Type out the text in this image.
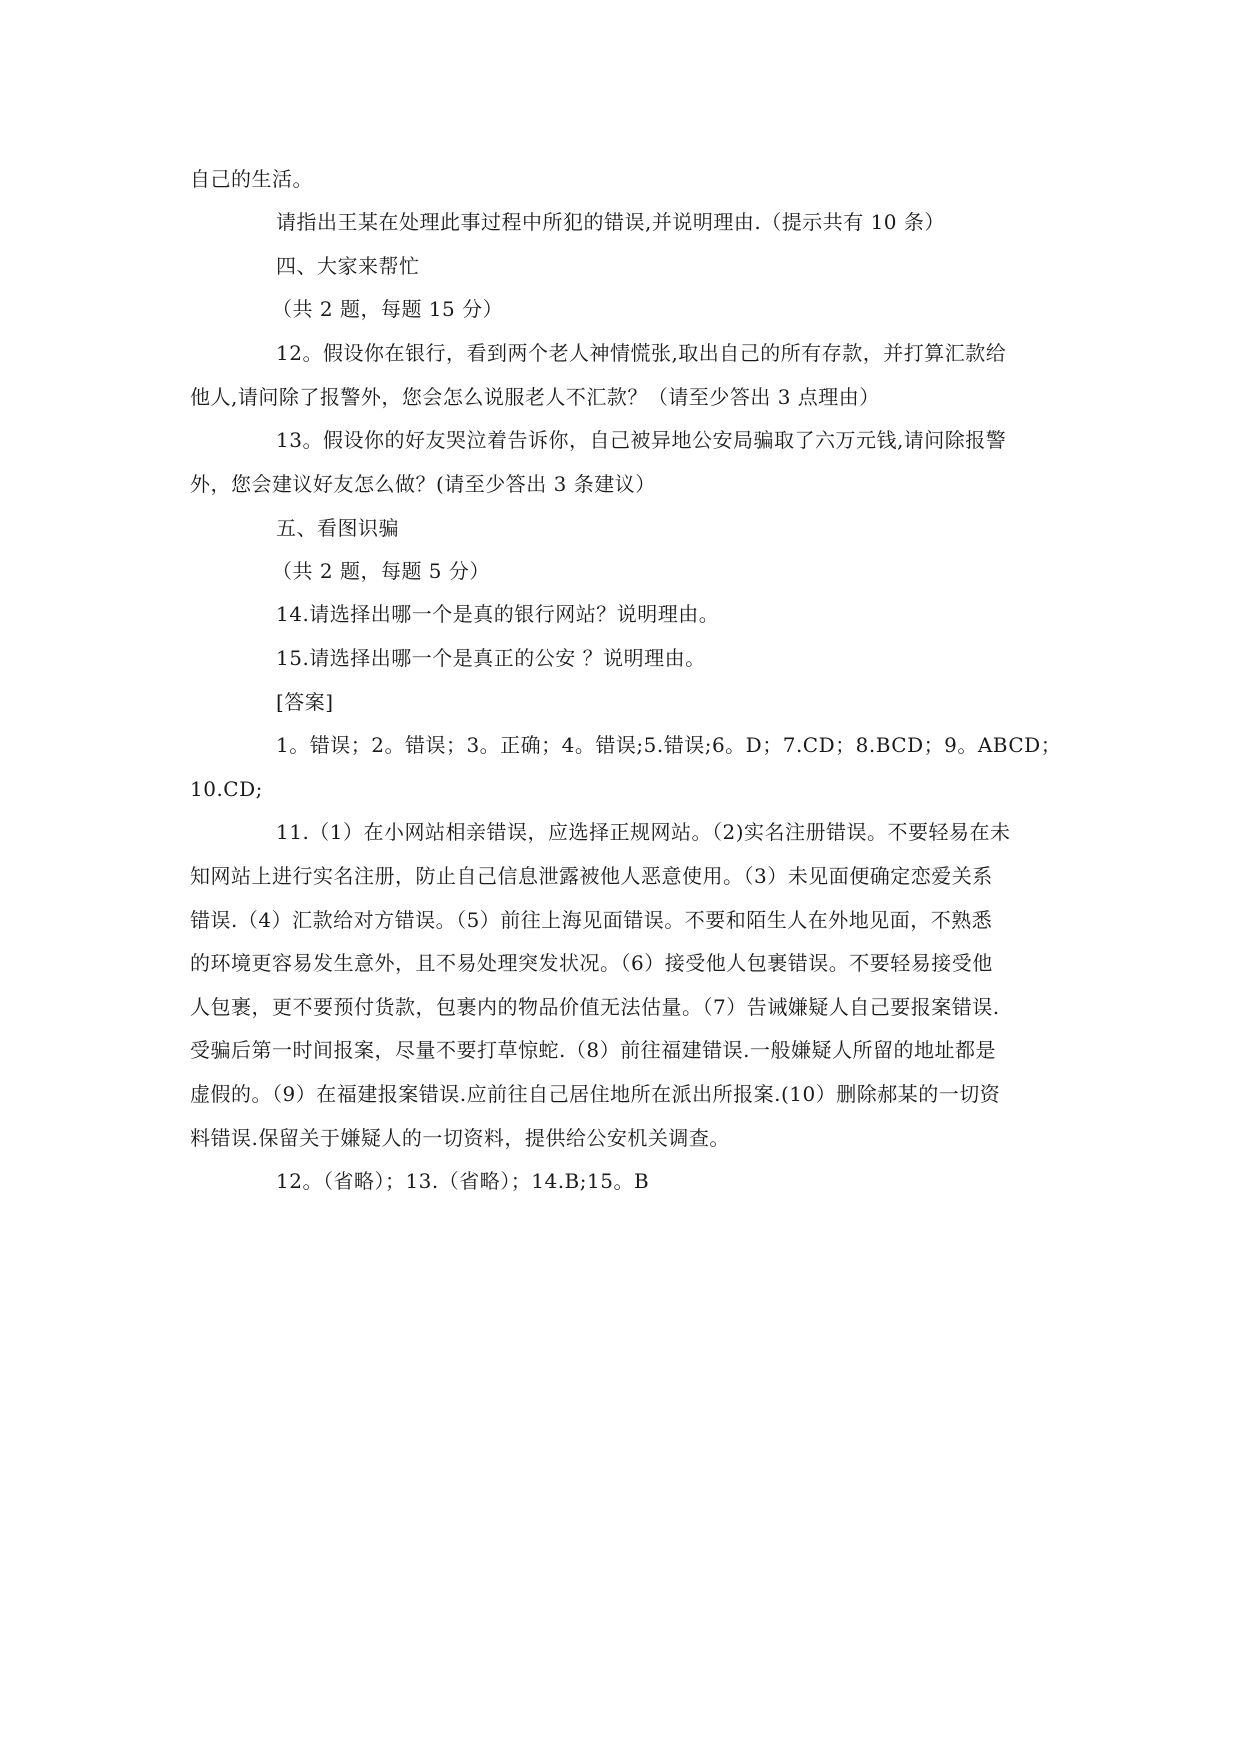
自己的生活。
请指出王某在处理此事过程中所犯的错误,并说明理由.（提示共有 10 条）
四、大家来帮忙
（共 2 题，每题 15 分）
12。假设你在银行，看到两个老人神情慌张,取出自己的所有存款，并打算汇款给
他人,请问除了报警外，您会怎么说服老人不汇款？（请至少答出 3 点理由）
13。假设你的好友哭泣着告诉你，自己被异地公安局骗取了六万元钱,请问除报警
外，您会建议好友怎么做？(请至少答出 3 条建议）
五、看图识骗
（共 2 题，每题 5 分）
14.请选择出哪一个是真的银行网站？说明理由。
15.请选择出哪一个是真正的公安 ？说明理由。
[答案]
1。错误；2。错误；3。正确；4。错误;5.错误;6。D；7.CD；8.BCD；9。ABCD；
10.CD;
11.（1）在小网站相亲错误，应选择正规网站。（2)实名注册错误。不要轻易在未
知网站上进行实名注册，防止自己信息泄露被他人恶意使用。（3）未见面便确定恋爱关系
错误.（4）汇款给对方错误。（5）前往上海见面错误。不要和陌生人在外地见面，不熟悉
的环境更容易发生意外，且不易处理突发状况。（6）接受他人包裹错误。不要轻易接受他
人包裹，更不要预付货款，包裹内的物品价值无法估量。（7）告诫嫌疑人自己要报案错误.
受骗后第一时间报案，尽量不要打草惊蛇.（8）前往福建错误.一般嫌疑人所留的地址都是
虚假的。（9）在福建报案错误.应前往自己居住地所在派出所报案.(10）删除郝某的一切资
料错误.保留关于嫌疑人的一切资料，提供给公安机关调查。
12。（省略）；13.（省略）；14.B;15。B
